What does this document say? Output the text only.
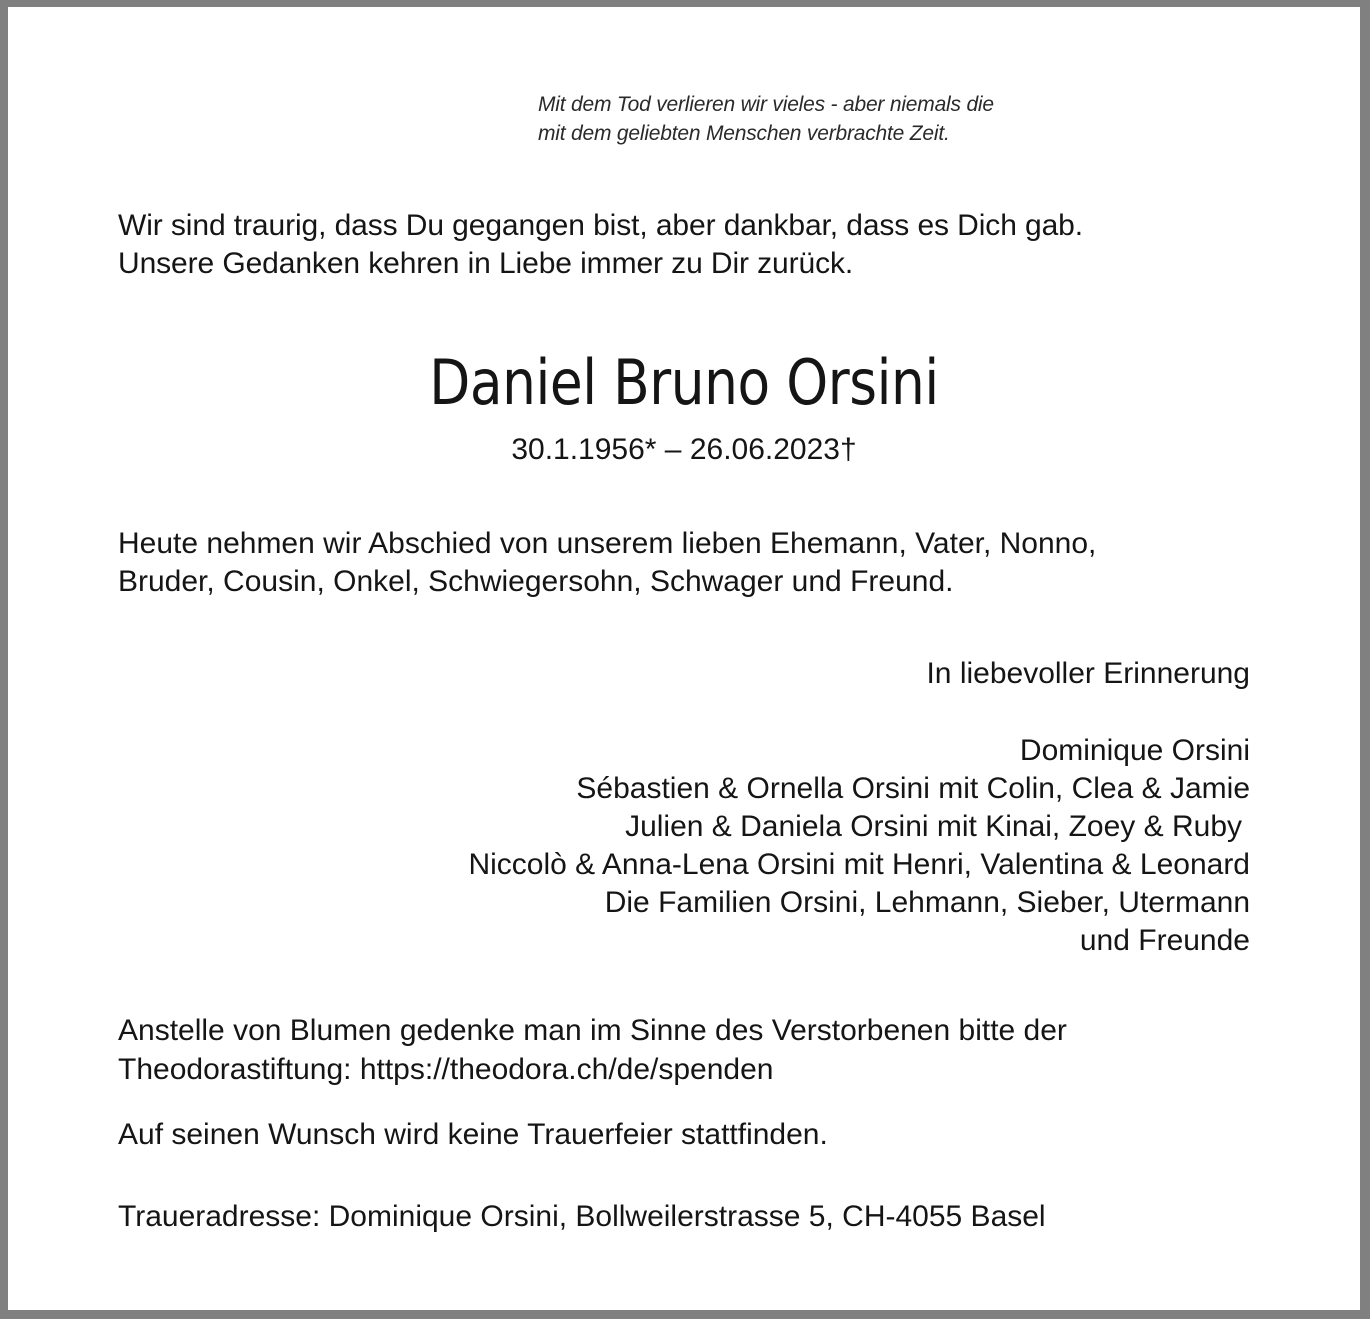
Mit dem Tod verlieren wir vieles - aber niemals die
mit dem geliebten Menschen verbrachte Zeit.
Wir sind traurig, dass Du gegangen bist, aber dankbar, dass es Dich gab.
Unsere Gedanken kehren in Liebe immer zu Dir zurück.
Daniel Bruno Orsini
30.1.1956* – 26.06.2023†
Heute nehmen wir Abschied von unserem lieben Ehemann, Vater, Nonno,
Bruder, Cousin, Onkel, Schwiegersohn, Schwager und Freund.
In liebevoller Erinnerung
Dominique Orsini
Sébastien & Ornella Orsini mit Colin, Clea & Jamie
Julien & Daniela Orsini mit Kinai, Zoey & Ruby
Niccolò & Anna-Lena Orsini mit Henri, Valentina & Leonard
Die Familien Orsini, Lehmann, Sieber, Utermann
und Freunde
Anstelle von Blumen gedenke man im Sinne des Verstorbenen bitte der
Theodorastiftung: https://theodora.ch/de/spenden
Auf seinen Wunsch wird keine Trauerfeier stattfinden.
Traueradresse: Dominique Orsini, Bollweilerstrasse 5, CH-4055 Basel
